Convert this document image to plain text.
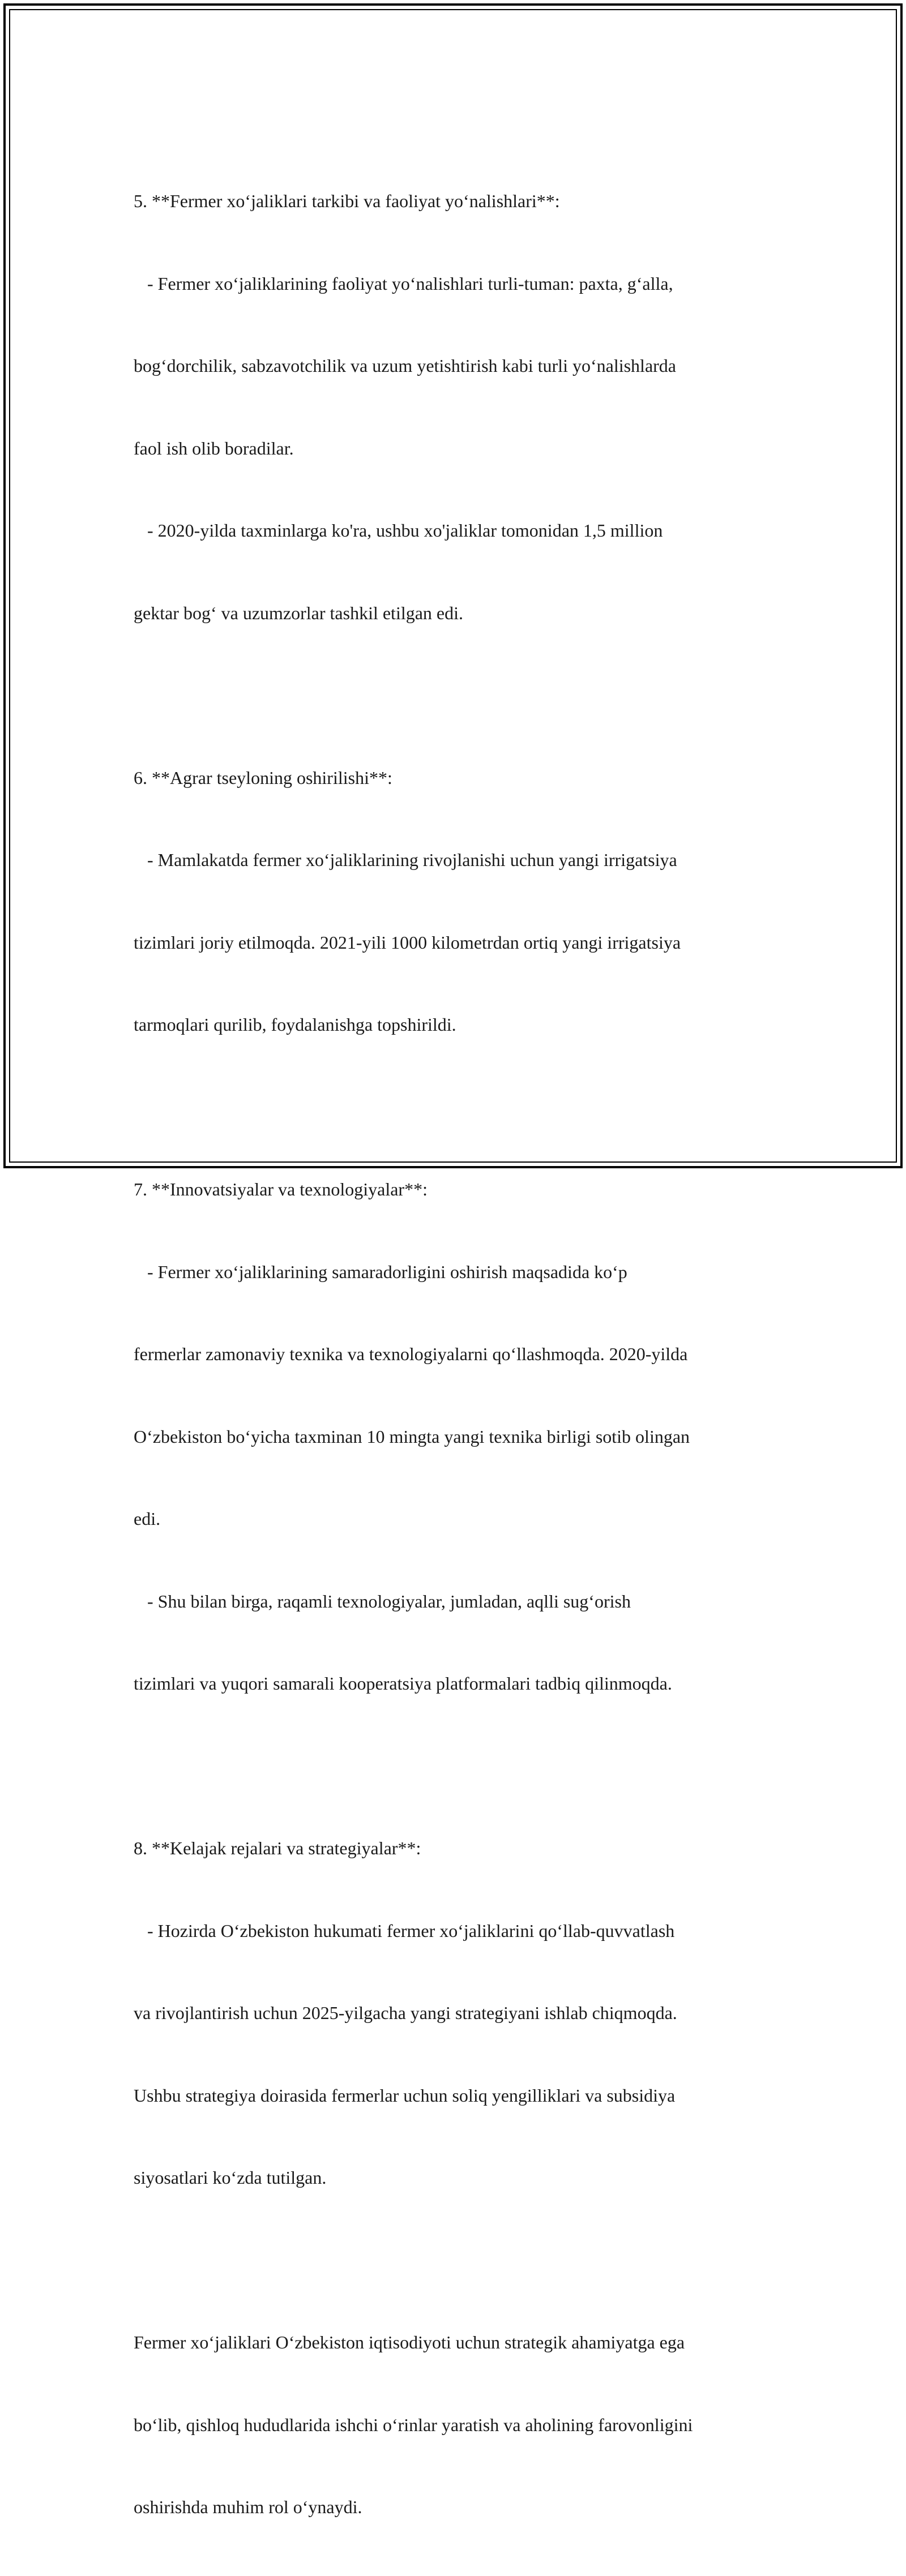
5. **Fermer xo‘jaliklari tarkibi va faoliyat yo‘nalishlari**:

- Fermer xo‘jaliklarining faoliyat yo‘nalishlari turli-tuman: paxta, g‘alla,

bog‘dorchilik, sabzavotchilik va uzum yetishtirish kabi turli yo‘nalishlarda

faol ish olib boradilar.

- 2020-yilda taxminlarga ko'ra, ushbu xo'jaliklar tomonidan 1,5 million

gektar bog‘ va uzumzorlar tashkil etilgan edi.

6. **Agrar tseyloning oshirilishi**:

- Mamlakatda fermer xo‘jaliklarining rivojlanishi uchun yangi irrigatsiya

tizimlari joriy etilmoqda. 2021-yili 1000 kilometrdan ortiq yangi irrigatsiya

tarmoqlari qurilib, foydalanishga topshirildi.

7. **Innovatsiyalar va texnologiyalar**:

- Fermer xo‘jaliklarining samaradorligini oshirish maqsadida ko‘p

fermerlar zamonaviy texnika va texnologiyalarni qo‘llashmoqda. 2020-yilda

O‘zbekiston bo‘yicha taxminan 10 mingta yangi texnika birligi sotib olingan

edi.

- Shu bilan birga, raqamli texnologiyalar, jumladan, aqlli sug‘orish

tizimlari va yuqori samarali kooperatsiya platformalari tadbiq qilinmoqda.

8. **Kelajak rejalari va strategiyalar**:

- Hozirda O‘zbekiston hukumati fermer xo‘jaliklarini qo‘llab-quvvatlash

va rivojlantirish uchun 2025-yilgacha yangi strategiyani ishlab chiqmoqda.

Ushbu strategiya doirasida fermerlar uchun soliq yengilliklari va subsidiya

siyosatlari ko‘zda tutilgan.

Fermer xo‘jaliklari O‘zbekiston iqtisodiyoti uchun strategik ahamiyatga ega

bo‘lib, qishloq hududlarida ishchi o‘rinlar yaratish va aholining farovonligini

oshirishda muhim rol o‘ynaydi.
